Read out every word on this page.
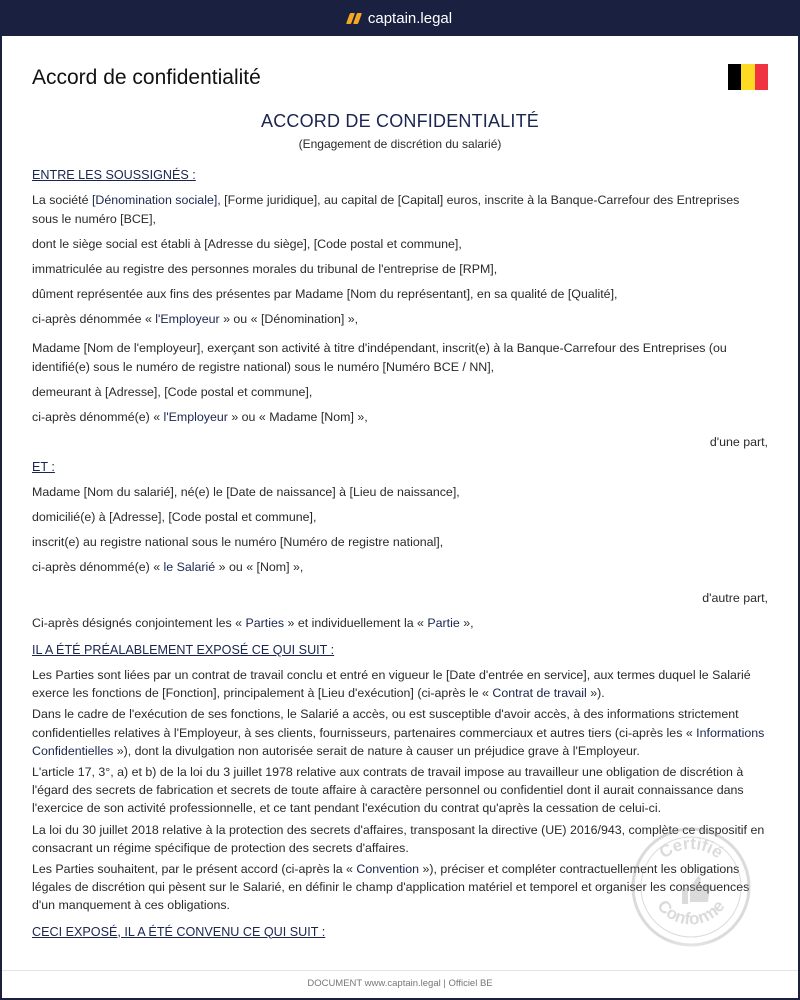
captain.legal
Accord de confidentialité
ACCORD DE CONFIDENTIALITÉ
(Engagement de discrétion du salarié)
ENTRE LES SOUSSIGNÉS :

La société [Dénomination sociale], [Forme juridique], au capital de [Capital] euros, inscrite à la Banque-Carrefour des Entreprises sous le numéro [BCE],

dont le siège social est établi à [Adresse du siège], [Code postal et commune],

immatriculée au registre des personnes morales du tribunal de l'entreprise de [RPM],

dûment représentée aux fins des présentes par Madame [Nom du représentant], en sa qualité de [Qualité],

ci-après dénommée « l'Employeur » ou « [Dénomination] »,

Madame [Nom de l'employeur], exerçant son activité à titre d'indépendant, inscrit(e) à la Banque-Carrefour des Entreprises (ou identifié(e) sous le numéro de registre national) sous le numéro [Numéro BCE / NN],

demeurant à [Adresse], [Code postal et commune],

ci-après dénommé(e) « l'Employeur » ou « Madame [Nom] »,

d'une part,

ET :

Madame [Nom du salarié], né(e) le [Date de naissance] à [Lieu de naissance],

domicilié(e) à [Adresse], [Code postal et commune],

inscrit(e) au registre national sous le numéro [Numéro de registre national],

ci-après dénommé(e) « le Salarié » ou « [Nom] »,

d'autre part,

Ci-après désignés conjointement les « Parties » et individuellement la « Partie »,

IL A ÉTÉ PRÉALABLEMENT EXPOSÉ CE QUI SUIT :

Les Parties sont liées par un contrat de travail conclu et entré en vigueur le [Date d'entrée en service], aux termes duquel le Salarié exerce les fonctions de [Fonction], principalement à [Lieu d'exécution] (ci-après le « Contrat de travail »).

Dans le cadre de l'exécution de ses fonctions, le Salarié a accès, ou est susceptible d'avoir accès, à des informations strictement confidentielles relatives à l'Employeur, à ses clients, fournisseurs, partenaires commerciaux et autres tiers (ci-après les « Informations Confidentielles »), dont la divulgation non autorisée serait de nature à causer un préjudice grave à l'Employeur.

L'article 17, 3°, a) et b) de la loi du 3 juillet 1978 relative aux contrats de travail impose au travailleur une obligation de discrétion à l'égard des secrets de fabrication et secrets de toute affaire à caractère personnel ou confidentiel dont il aurait connaissance dans l'exercice de son activité professionnelle, et ce tant pendant l'exécution du contrat qu'après la cessation de celui-ci.

La loi du 30 juillet 2018 relative à la protection des secrets d'affaires, transposant la directive (UE) 2016/943, complète ce dispositif en consacrant un régime spécifique de protection des secrets d'affaires.

Les Parties souhaitent, par le présent accord (ci-après la « Convention »), préciser et compléter contractuellement les obligations légales de discrétion qui pèsent sur le Salarié, en définir le champ d'application matériel et temporel et organiser les conséquences d'un manquement à ces obligations.

CECI EXPOSÉ, IL A ÉTÉ CONVENU CE QUI SUIT :
Certifié
Conforme
DOCUMENT www.captain.legal | Officiel BE
